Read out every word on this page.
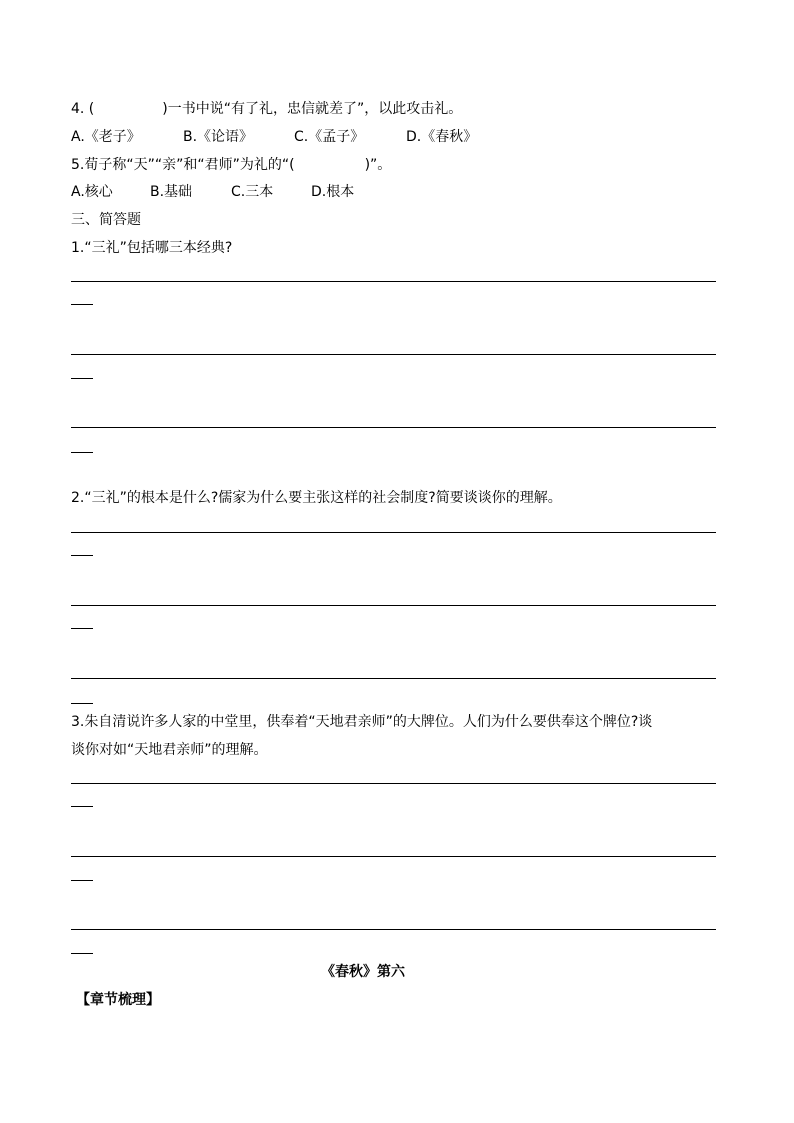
4. (	)一书中说“有了礼，忠信就差了”，以此攻击礼。
A.《老子》	B.《论语》	C.《孟子》	D.《春秋》
5.荀子称“天”“亲”和“君师”为礼的“(	)”。
A.核心	B.基础	C.三本	D.根本
三、简答题
1.“三礼”包括哪三本经典?
2.“三礼”的根本是什么?儒家为什么要主张这样的社会制度?简要谈谈你的理解。
3.朱自清说许多人家的中堂里，供奉着“天地君亲师”的大牌位。人们为什么要供奉这个牌位?谈
谈你对如“天地君亲师”的理解。
《春秋》第六
【章节梳理】
